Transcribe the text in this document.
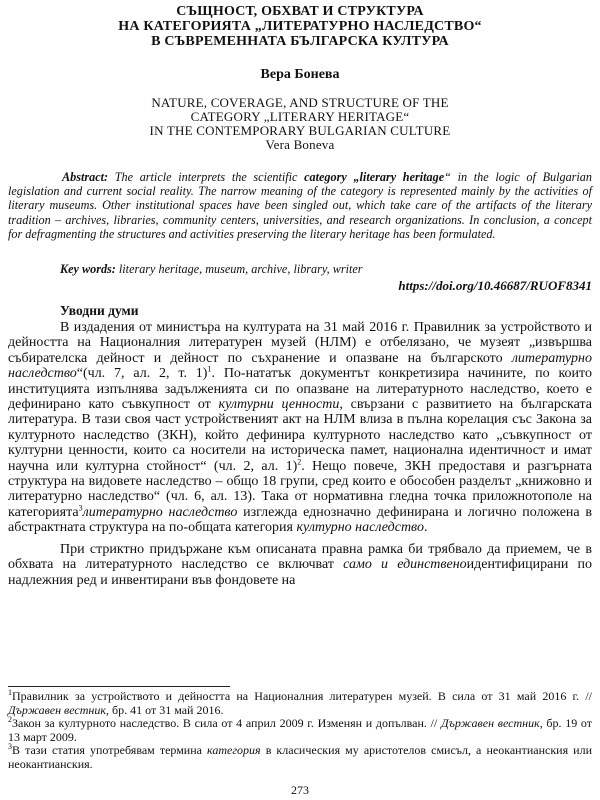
СЪЩНОСТ, ОБХВАТ И СТРУКТУРА
НА КАТЕГОРИЯТА „ЛИТЕРАТУРНО НАСЛЕДСТВО“
В СЪВРЕМЕННАТА БЪЛГАРСКА КУЛТУРА
Вера Бонева
NATURE, COVERAGE, AND STRUCTURE OF THE
CATEGORY „LITERARY HERITAGE“
IN THE CONTEMPORARY BULGARIAN CULTURE
Vera Boneva
Abstract: The article interprets the scientific category „literary heritage“ in the logic of Bulgarian legislation and current social reality. The narrow meaning of the category is represented mainly by the activities of literary museums. Other institutional spaces have been singled out, which take care of the artifacts of the literary tradition – archives, libraries, community centers, universities, and research organizations. In conclusion, a concept for defragmenting the structures and activities preserving the literary heritage has been formulated.
Key words: literary heritage, museum, archive, library, writer
https://doi.org/10.46687/RUOF8341
Уводни думи

В издадения от министъра на културата на 31 май 2016 г. Правилник за устройството и дейността на Националния литературен музей (НЛМ) е отбелязано, че музеят „извършва събирателска дейност и дейност по съхранение и опазване на българското литературно наследство“(чл. 7, ал. 2, т. 1)$^1$. По-нататък документът конкретизира начините, по които институцията изпълнява задълженията си по опазване на литературното наследство, което е дефинирано като съвкупност от културни ценности, свързани с развитието на българската литература. В тази своя част устройственият акт на НЛМ влиза в пълна корелация със Закона за културното наследство (ЗКН), който дефинира културното наследство като „съвкупност от културни ценности, които са носители на историческа памет, национална идентичност и имат научна или културна стойност“ (чл. 2, ал. 1)$^2$. Нещо повече, ЗКН предоставя и разгърната структура на видовете наследство – общо 18 групи, сред които е обособен разделът „книжовно и литературно наследство“ (чл. 6, ал. 13). Така от нормативна гледна точка приложнотополе на категорията$^3$литературно наследство изглежда еднозначно дефинирана и логично положена в абстрактната структура на по-общата категория културно наследство.

При стриктно придържане към описаната правна рамка би трябвало да приемем, че в обхвата на литературното наследство се включват само и единственоидентифицирани по надлежния ред и инвентирани във фондовете на

$^1$Правилник за устройството и дейността на Националния литературен музей. В сила от 31 май 2016 г. // Държавен вестник, бр. 41 от 31 май 2016.

$^2$Закон за културното наследство. В сила от 4 април 2009 г. Изменян и допълван. // Държавен вестник, бр. 19 от 13 март 2009.

$^3$В тази статия употребявам термина категория в класическия му аристотелов смисъл, а неокантианския или неокантианския.

273
